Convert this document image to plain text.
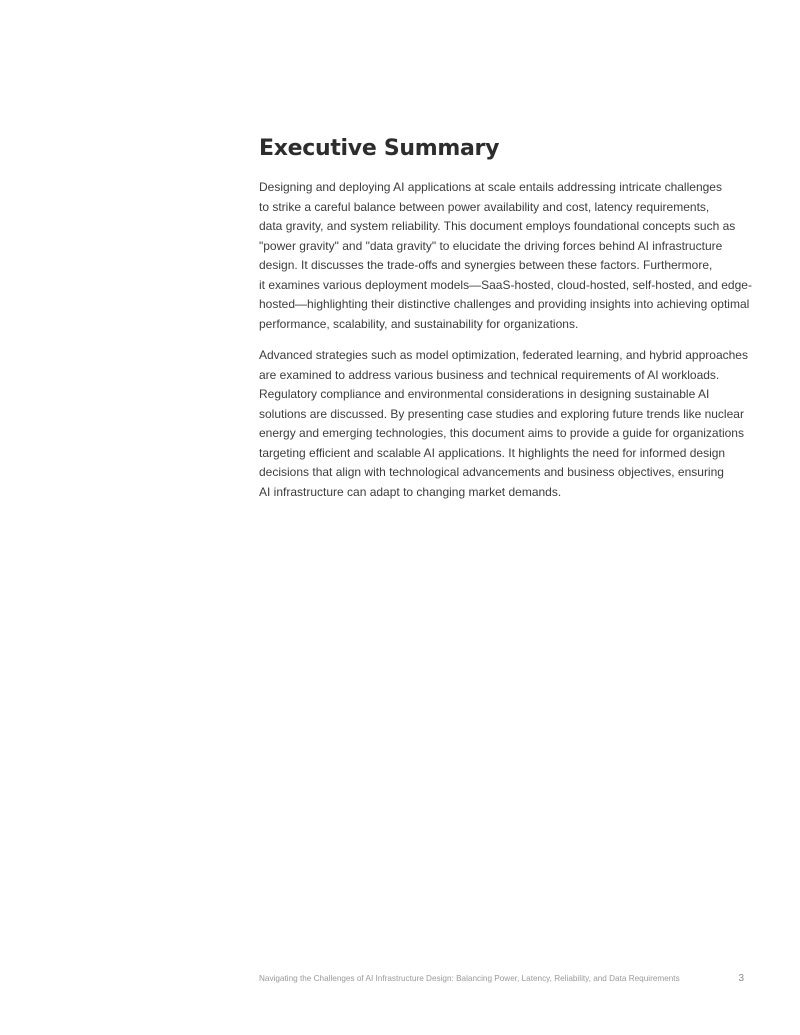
Executive Summary

Designing and deploying AI applications at scale entails addressing intricate challenges
to strike a careful balance between power availability and cost, latency requirements,
data gravity, and system reliability. This document employs foundational concepts such as
"power gravity" and "data gravity" to elucidate the driving forces behind AI infrastructure
design. It discusses the trade-offs and synergies between these factors. Furthermore,
it examines various deployment models—SaaS-hosted, cloud-hosted, self-hosted, and edge-
hosted—highlighting their distinctive challenges and providing insights into achieving optimal
performance, scalability, and sustainability for organizations.

Advanced strategies such as model optimization, federated learning, and hybrid approaches
are examined to address various business and technical requirements of AI workloads.
Regulatory compliance and environmental considerations in designing sustainable AI
solutions are discussed. By presenting case studies and exploring future trends like nuclear
energy and emerging technologies, this document aims to provide a guide for organizations
targeting efficient and scalable AI applications. It highlights the need for informed design
decisions that align with technological advancements and business objectives, ensuring
AI infrastructure can adapt to changing market demands.

Navigating the Challenges of AI Infrastructure Design: Balancing Power, Latency, Reliability, and Data Requirements	3
